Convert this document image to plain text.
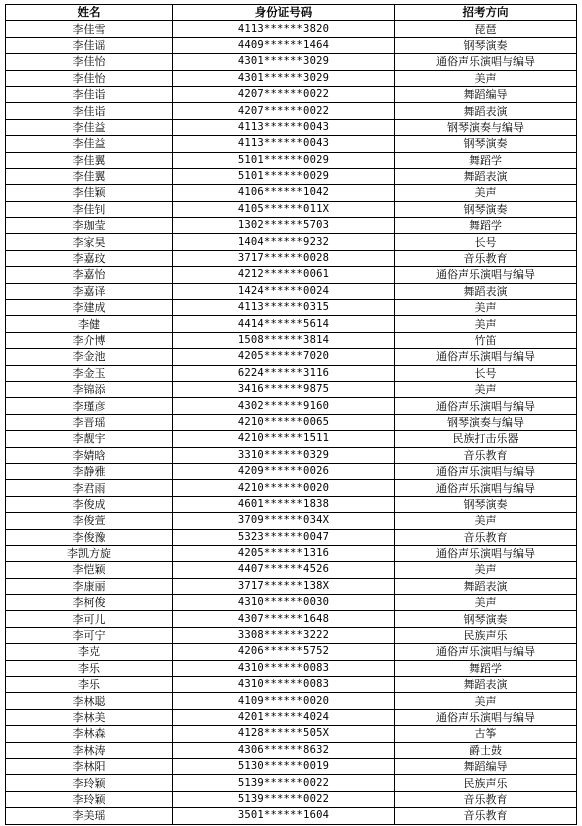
姓名	身份证号码	招考方向
李佳雪	4113******3820	琵琶
李佳谣	4409******1464	钢琴演奏
李佳怡	4301******3029	通俗声乐演唱与编导
李佳怡	4301******3029	美声
李佳诣	4207******0022	舞蹈编导
李佳诣	4207******0022	舞蹈表演
李佳益	4113******0043	钢琴演奏与编导
李佳益	4113******0043	钢琴演奏
李佳翼	5101******0029	舞蹈学
李佳翼	5101******0029	舞蹈表演
李佳颖	4106******1042	美声
李佳钊	4105******011X	钢琴演奏
李珈莹	1302******5703	舞蹈学
李家昊	1404******9232	长号
李嘉玟	3717******0028	音乐教育
李嘉怡	4212******0061	通俗声乐演唱与编导
李嘉译	1424******0024	舞蹈表演
李建成	4113******0315	美声
李健	4414******5614	美声
李介博	1508******3814	竹笛
李金池	4205******7020	通俗声乐演唱与编导
李金玉	6224******3116	长号
李锦添	3416******9875	美声
李瑾彦	4302******9160	通俗声乐演唱与编导
李晋瑶	4210******0065	钢琴演奏与编导
李靓宇	4210******1511	民族打击乐器
李婧晗	3310******0329	音乐教育
李静雅	4209******0026	通俗声乐演唱与编导
李君雨	4210******0020	通俗声乐演唱与编导
李俊成	4601******1838	钢琴演奏
李俊萱	3709******034X	美声
李俊豫	5323******0047	音乐教育
李凯方旋	4205******1316	通俗声乐演唱与编导
李恺颖	4407******4526	美声
李康丽	3717******138X	舞蹈表演
李柯俊	4310******0030	美声
李可儿	4307******1648	钢琴演奏
李可宁	3308******3222	民族声乐
李克	4206******5752	通俗声乐演唱与编导
李乐	4310******0083	舞蹈学
李乐	4310******0083	舞蹈表演
李林聪	4109******0020	美声
李林美	4201******4024	通俗声乐演唱与编导
李林森	4128******505X	古筝
李林涛	4306******8632	爵士鼓
李林阳	5130******0019	舞蹈编导
李玲颖	5139******0022	民族声乐
李玲颖	5139******0022	音乐教育
李美瑶	3501******1604	音乐教育
